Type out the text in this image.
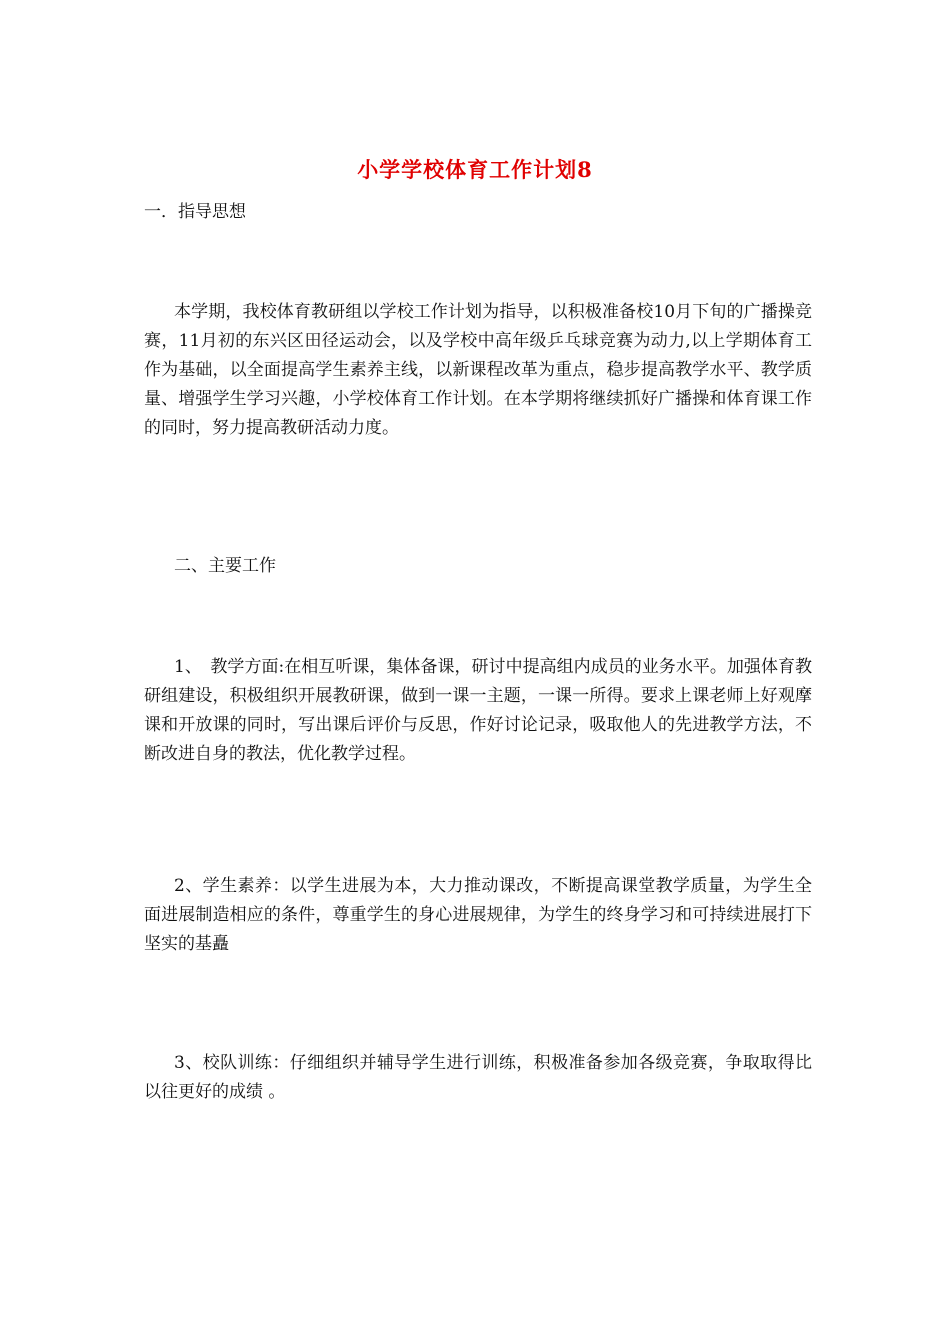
小学学校体育工作计划8

一．指导思想

本学期，我校体育教研组以学校工作计划为指导，以积极准备校10月下旬的广播操竞赛，11月初的东兴区田径运动会，以及学校中高年级乒乓球竞赛为动力,以上学期体育工作为基础，以全面提高学生素养主线，以新课程改革为重点，稳步提高教学水平、教学质量、增强学生学习兴趣，小学校体育工作计划。在本学期将继续抓好广播操和体育课工作的同时，努力提高教研活动力度。

二、主要工作

1、　教学方面:在相互听课，集体备课，研讨中提高组内成员的业务水平。加强体育教研组建设，积极组织开展教研课，做到一课一主题，一课一所得。要求上课老师上好观摩课和开放课的同时，写出课后评价与反思，作好讨论记录，吸取他人的先进教学方法，不断改进自身的教法，优化教学过程。

2、学生素养：以学生进展为本，大力推动课改，不断提高课堂教学质量，为学生全面进展制造相应的条件，尊重学生的身心进展规律，为学生的终身学习和可持续进展打下坚实的基矗

3、校队训练：仔细组织并辅导学生进行训练，积极准备参加各级竞赛，争取取得比以往更好的成绩 。
